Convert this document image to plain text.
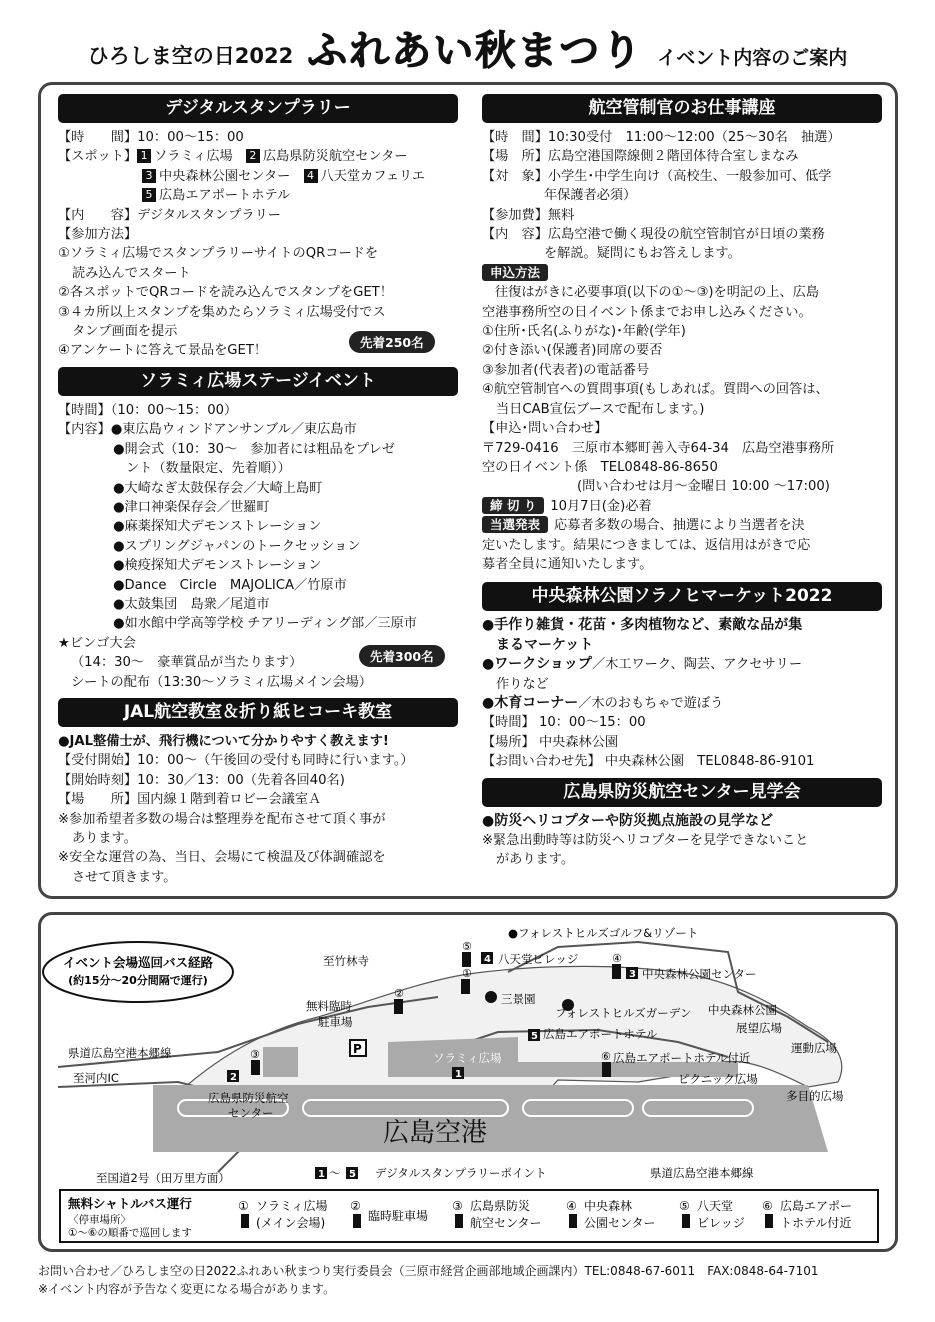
ひろしま空の日2022 ふれあい秋まつり イベント内容のご案内
デジタルスタンプラリー
【時　　間】10：00～15：00
【スポット】 1 ソラミィ広場　 2 広島県防災航空センター
3 中央森林公園センター　 4 八天堂カフェリエ
5 広島エアポートホテル
【内　　容】デジタルスタンプラリー
【参加方法】
①ソラミィ広場でスタンプラリーサイトのQRコードを
読み込んでスタート
②各スポットでQRコードを読み込んでスタンプをGET！
③４カ所以上スタンプを集めたらソラミィ広場受付でス
タンプ画面を提示
④アンケートに答えて景品をGET！
ソラミィ広場ステージイベント
【時間】（10：00～15：00）
【内容】●東広島ウィンドアンサンブル／東広島市
●開会式（10：30～　参加者には粗品をプレゼ
ント（数量限定、先着順））
●大崎なぎ太鼓保存会／大崎上島町
●津口神楽保存会／世羅町
●麻薬探知犬デモンストレーション
●スプリングジャパンのトークセッション
●検疫探知犬デモンストレーション
●Dance　Circle　MAJOLICA／竹原市
●太鼓集団　島衆／尾道市
●如水館中学高等学校 チアリーディング部／三原市
★ビンゴ大会
（14：30～　豪華賞品が当たります）
シートの配布（13:30～ソラミィ広場メイン会場）
JAL航空教室＆折り紙ヒコーキ教室
●JAL整備士が、飛行機について分かりやすく教えます!
【受付開始】10：00～（午後回の受付も同時に行います。）
【開始時刻】10：30／13：00（先着各回40名)
【場　　所】国内線１階到着ロビー会議室Ａ
※参加希望者多数の場合は整理券を配布させて頂く事が
あります。
※安全な運営の為、当日、会場にて検温及び体調確認を
させて頂きます。
先着250名
先着300名
航空管制官のお仕事講座
【時　間】10:30受付　11:00～12:00（25～30名　抽選）
【場　所】広島空港国際線側２階団体待合室しまなみ
【対　象】小学生･中学生向け（高校生、一般参加可、低学
年保護者必須）
【参加費】無料
【内　容】広島空港で働く現役の航空管制官が日頃の業務
を解説。疑問にもお答えします。
申込方法
往復はがきに必要事項(以下の①～③)を明記の上、広島
空港事務所空の日イベント係までお申し込みください。
①住所･氏名(ふりがな)･年齢(学年)
②付き添い(保護者)同席の要否
③参加者(代表者)の電話番号
④航空管制官への質問事項(もしあれば。質問への回答は、
当日CAB宣伝ブースで配布します。)
【申込･問い合わせ】
〒729-0416　三原市本郷町善入寺64-34　広島空港事務所
空の日イベント係　TEL0848-86-8650
(問い合わせは月～金曜日 10:00 ～17:00)
締 切 り 10月7日(金)必着
当選発表 応募者多数の場合、抽選により当選者を決
定いたします。結果につきましては、返信用はがきで応
募者全員に通知いたします。
中央森林公園ソラノヒマーケット2022
●手作り雑貨・花苗・多肉植物など、素敵な品が集
まるマーケット
●ワークショップ／木工ワーク、陶芸、アクセサリー
作りなど
●木育コーナー／木のおもちゃで遊ぼう
【時間】 10：00～15：00
【場所】 中央森林公園
【お問い合わせ先】 中央森林公園　TEL0848-86-9101
広島県防災航空センター見学会
●防災ヘリコプターや防災拠点施設の見学など
※緊急出動時等は防災ヘリコプターを見学できないこと
があります。
⑤
④
①
②
③	⑥
4
3
5
1
2
1 5
イベント会場巡回バス経路
(約15分～20分間隔で運行)
●フォレストヒルズゴルフ&リゾート
至竹林寺	八天堂ビレッジ
中央森林公園センター
三景園
フォレストヒルズガーデン 中央森林公園
無料臨時
駐車場
P
広島エアポートホテル	展望広場
運動広場
ソラミィ広場	広島エアポートホテル付近
ピクニック広場
県道広島空港本郷線
至河内IC
広島県防災航空
センター
多目的広場
広島空港
至国道2号（田万里方面）	～	デジタルスタンプラリーポイント	県道広島空港本郷線
無料シャトルバス運行
〈停車場所〉
①～⑥の順番で巡回します
① ソラミィ広場
(メイン会場)
②
臨時駐車場
③ 広島県防災
航空センター
④ 中央森林
公園センター
⑤ 八天堂
ビレッジ
⑥ 広島エアポー
トホテル付近
お問い合わせ／ひろしま空の日2022ふれあい秋まつり実行委員会（三原市経営企画部地域企画課内）TEL:0848-67-6011　FAX:0848-64-7101
※イベント内容が予告なく変更になる場合があります。
